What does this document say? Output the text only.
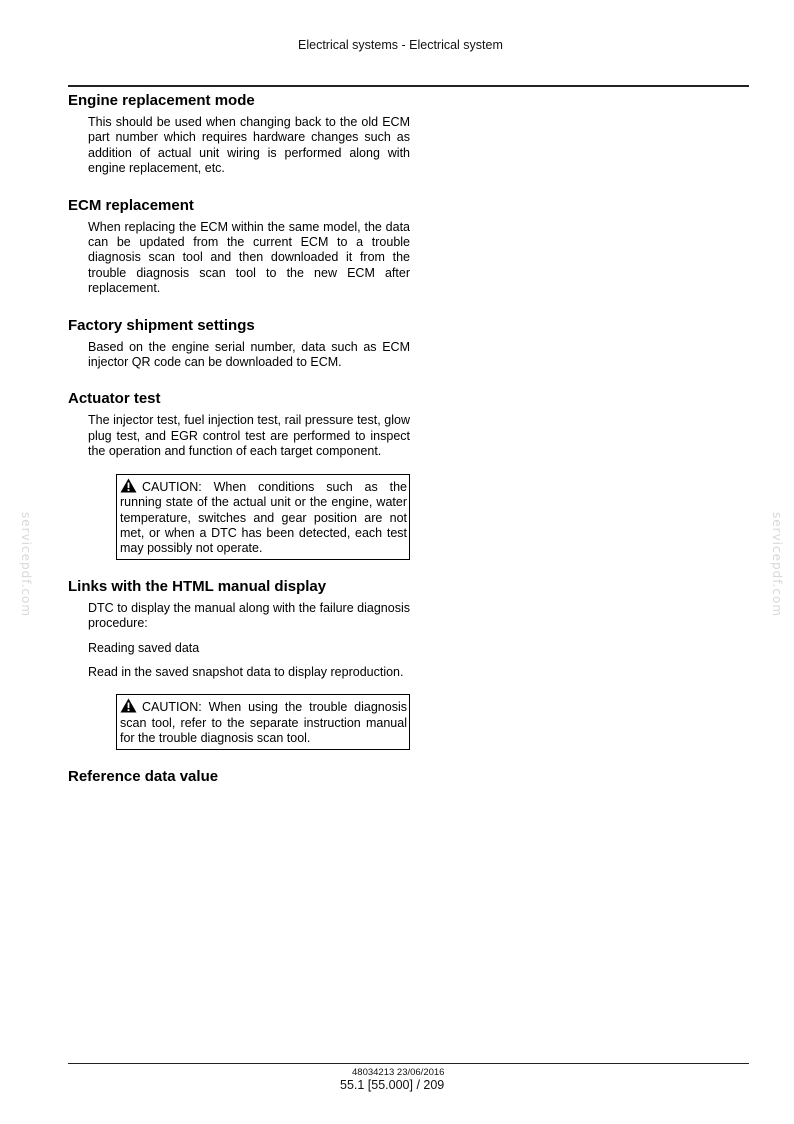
Electrical systems - Electrical system
servicepdf.com	servicepdf.com
Engine replacement mode

This should be used when changing back to the old ECM part number which requires hardware changes such as addition of actual unit wiring is performed along with engine replacement, etc.

ECM replacement

When replacing the ECM within the same model, the data can be updated from the current ECM to a trouble diagnosis scan tool and then downloaded it from the trouble diagnosis scan tool to the new ECM after replacement.

Factory shipment settings

Based on the engine serial number, data such as ECM injector QR code can be downloaded to ECM.

Actuator test

The injector test, fuel injection test, rail pressure test, glow plug test, and EGR control test are performed to inspect the operation and function of each target component.

CAUTION: When conditions such as the running state of the actual unit or the engine, water temperature, switches and gear position are not met, or when a DTC has been detected, each test may possibly not operate.
Links with the HTML manual display

DTC to display the manual along with the failure diagnosis procedure:

Reading saved data

Read in the saved snapshot data to display reproduction.

CAUTION: When using the trouble diagnosis scan tool, refer to the separate instruction manual for the trouble diagnosis scan tool.
Reference data value
48034213 23/06/2016
55.1 [55.000] / 209
